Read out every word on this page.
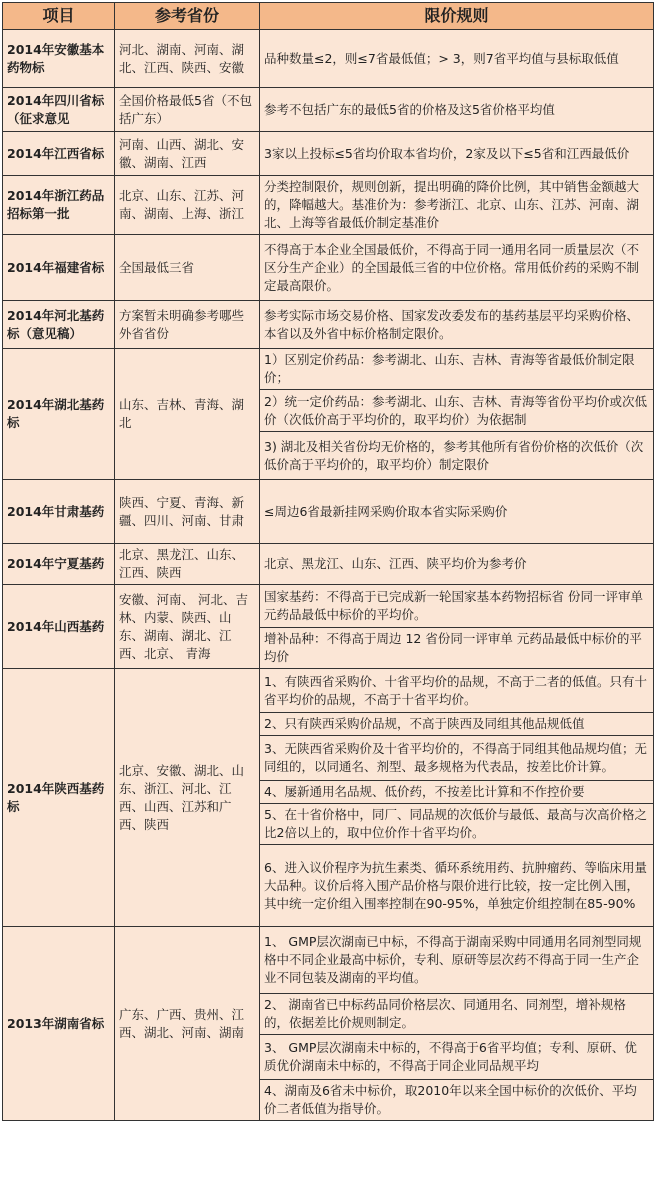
项目	参考省份	限价规则
2014年安徽基本药物标	河北、湖南、河南、湖北、江西、陕西、安徽	品种数量≤2，则≤7省最低值；> 3，则7省平均值与县标取低值
2014年四川省标（征求意见	全国价格最低5省（不包括广东）	参考不包括广东的最低5省的价格及这5省价格平均值
2014年江西省标	河南、山西、湖北、安徽、湖南、江西	3家以上投标≤5省均价取本省均价，2家及以下≤5省和江西最低价
2014年浙江药品招标第一批	北京、山东、江苏、河南、湖南、上海、浙江	分类控制限价，规则创新，提出明确的降价比例，其中销售金额越大的，降幅越大。基准价为：参考浙江、北京、山东、江苏、河南、湖北、上海等省最低价制定基准价
2014年福建省标	全国最低三省	不得高于本企业全国最低价，不得高于同一通用名同一质量层次（不区分生产企业）的全国最低三省的中位价格。常用低价药的采购不制定最高限价。
2014年河北基药 标（意见稿）	方案暂未明确参考哪些外省省份	参考实际市场交易价格、国家发改委发布的基药基层平均采购价格、本省以及外省中标价格制定限价。
2014年湖北基药标	山东、吉林、青海、湖北	1）区别定价药品：参考湖北、山东、吉林、青海等省最低价制定限价；
		2）统一定价药品：参考湖北、山东、吉林、青海等省份平均价或次低价（次低价高于平均价的，取平均价）为依据制
		3) 湖北及相关省份均无价格的，参考其他所有省份价格的次低价（次低价高于平均价的，取平均价）制定限价
2014年甘肃基药	陕西、宁夏、青海、新疆、四川、河南、甘肃	≤周边6省最新挂网采购价取本省实际采购价
2014年宁夏基药	北京、黑龙江、山东、江西、陕西	北京、黑龙江、山东、江西、陕平均价为参考价
2014年山西基药	安徽、河南、 河北、吉林、内蒙、陕西、山东、湖南、湖北、江西、北京、 青海	国家基药：不得高于已完成新一轮国家基本药物招标省 份同一评审单元药品最低中标价的平均价。
		增补品种：不得高于周边 12 省份同一评审单 元药品最低中标价的平均价
2014年陕西基药标	北京、安徽、湖北、山东、浙江、河北、江西、山西、江苏和广西、陕西	1、有陕西省采购价、十省平均价的品规，不高于二者的低值。只有十省平均价的品规，不高于十省平均价。
		2、只有陕西采购价品规，不高于陕西及同组其他品规低值
		3、无陕西省采购价及十省平均价的，不得高于同组其他品规均值；无同组的，以同通名、剂型、最多规格为代表品，按差比价计算。
		4、屡新通用名品规、低价药，不按差比计算和不作控价要
		5、在十省价格中，同厂、同品规的次低价与最低、最高与次高价格之比2倍以上的，取中位价作十省平均价。
		6、进入议价程序为抗生素类、循环系统用药、抗肿瘤药、等临床用量大品种。议价后将入围产品价格与限价进行比较，按一定比例入围，其中统一定价组入围率控制在90-95%，单独定价组控制在85-90%
2013年湖南省标	广东、广西、贵州、江西、湖北、河南、湖南	1、 GMP层次湖南已中标，不得高于湖南采购中同通用名同剂型同规格中不同企业最高中标价，专利、原研等层次药不得高于同一生产企业不同包装及湖南的平均值。
		2、 湖南省已中标药品同价格层次、同通用名、同剂型，增补规格的，依据差比价规则制定。
		3、 GMP层次湖南未中标的，不得高于6省平均值；专利、原研、优质优价湖南未中标的，不得高于同企业同品规平均
		4、湖南及6省未中标价，取2010年以来全国中标价的次低价、平均价二者低值为指导价。
